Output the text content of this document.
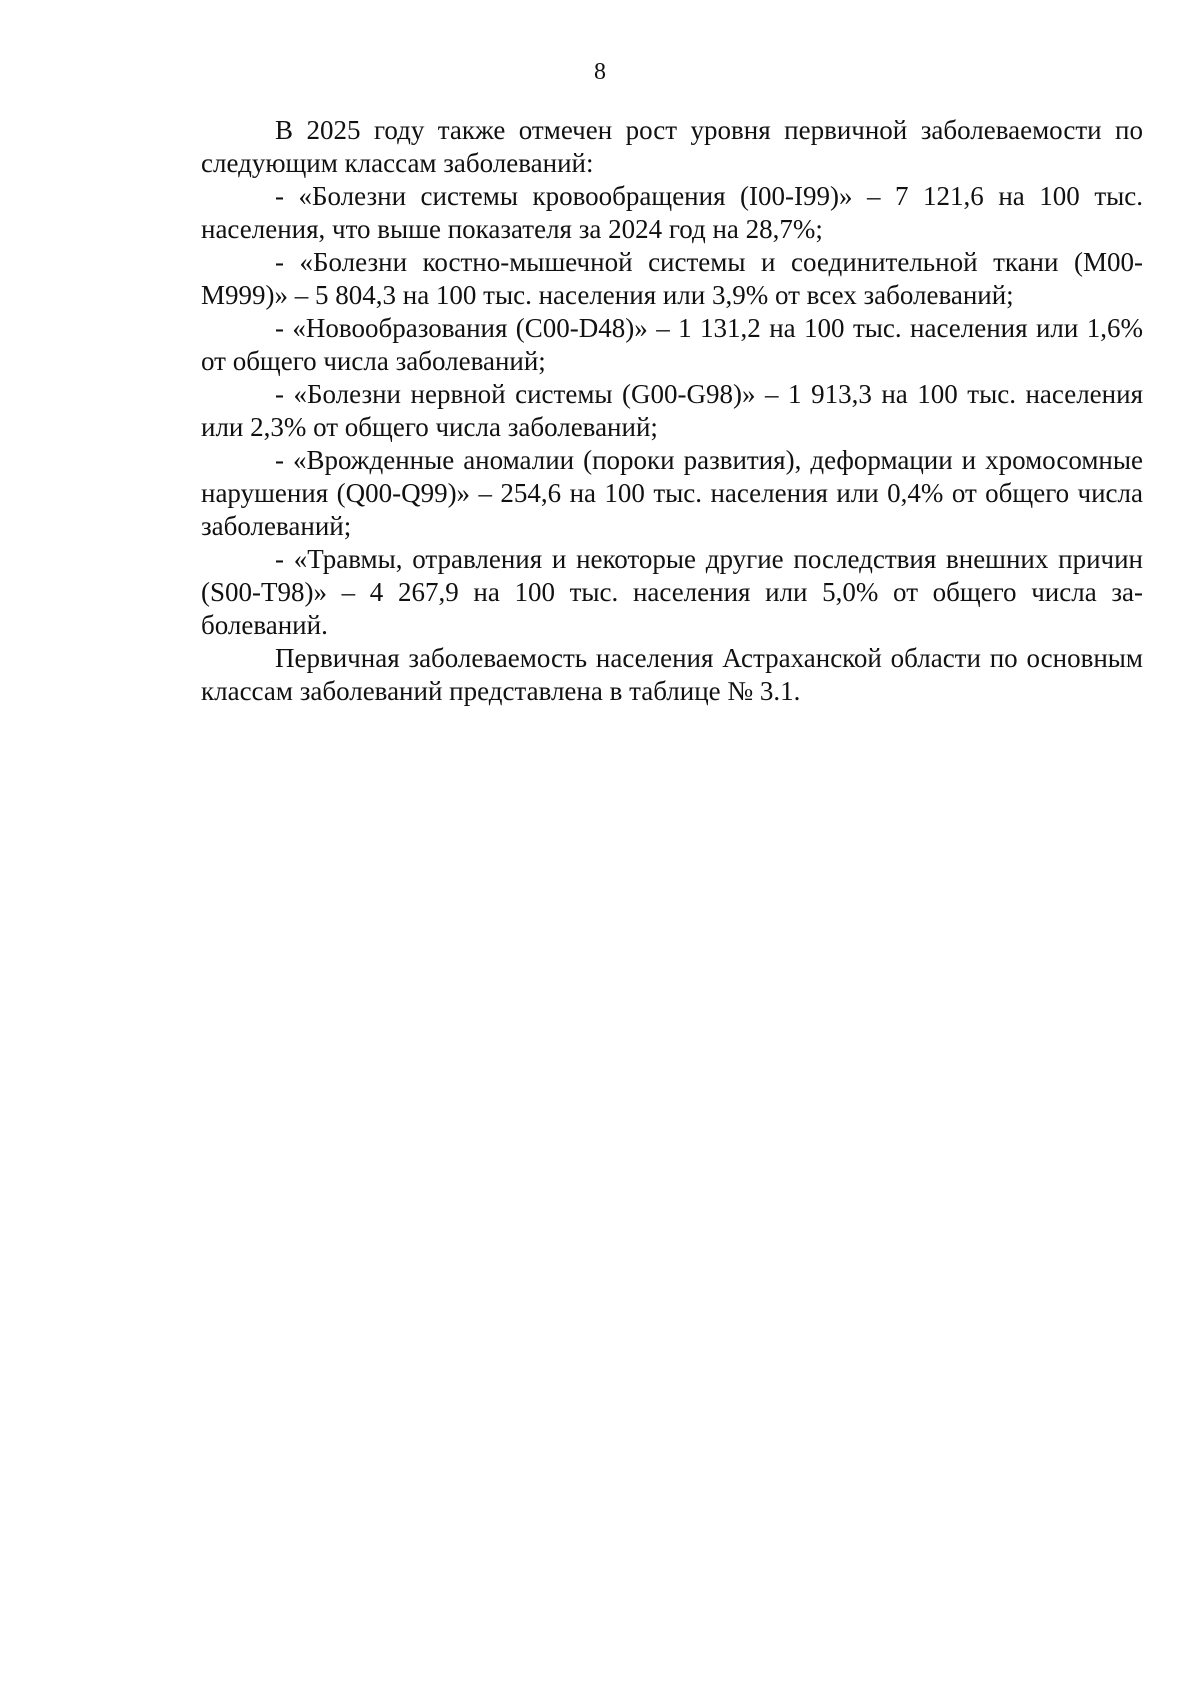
8

В 2025 году также отмечен рост уровня первичной заболеваемости по следующим классам заболеваний:

- «Болезни системы кровообращения (I00-I99)» – 7 121,6 на 100 тыс. населения, что выше показателя за 2024 год на 28,7%;

- «Болезни костно-мышечной системы и соединительной ткани (M00-M999)» – 5 804,3 на 100 тыс. населения или 3,9% от всех заболеваний;

- «Новообразования (C00-D48)» – 1 131,2 на 100 тыс. населения или 1,6% от общего числа заболеваний;

- «Болезни нервной системы (G00-G98)» – 1 913,3 на 100 тыс. населения или 2,3% от общего числа заболеваний;

- «Врожденные аномалии (пороки развития), деформации и хромосомные нарушения (Q00-Q99)» – 254,6 на 100 тыс. населения или 0,4% от общего числа заболеваний;

- «Травмы, отравления и некоторые другие последствия внешних причин (S00-T98)» – 4 267,9 на 100 тыс. населения или 5,0% от общего числа заболеваний.

Первичная заболеваемость населения Астраханской области по основным классам заболеваний представлена в таблице № 3.1.
